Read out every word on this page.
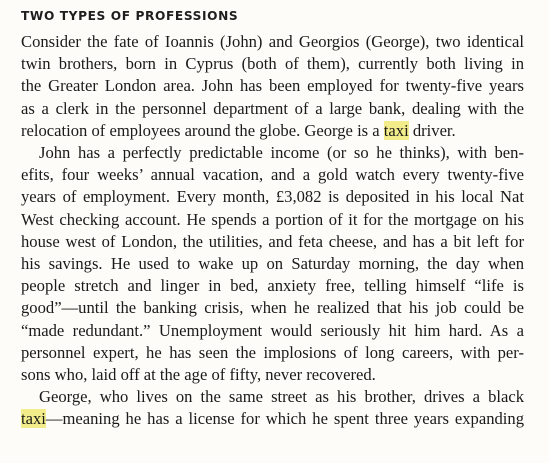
TWO TYPES OF PROFESSIONS
Consider the fate of Ioannis (John) and Georgios (George), two identical
twin brothers, born in Cyprus (both of them), currently both living in
the Greater London area. John has been employed for twenty-five years
as a clerk in the personnel department of a large bank, dealing with the
relocation of employees around the globe. George is a taxi driver.
John has a perfectly predictable income (or so he thinks), with ben-
efits, four weeks’ annual vacation, and a gold watch every twenty-five
years of employment. Every month, £3,082 is deposited in his local Nat
West checking account. He spends a portion of it for the mortgage on his
house west of London, the utilities, and feta cheese, and has a bit left for
his savings. He used to wake up on Saturday morning, the day when
people stretch and linger in bed, anxiety free, telling himself “life is
good”—until the banking crisis, when he realized that his job could be
“made redundant.” Unemployment would seriously hit him hard. As a
personnel expert, he has seen the implosions of long careers, with per-
sons who, laid off at the age of fifty, never recovered.
George, who lives on the same street as his brother, drives a black
taxi—meaning he has a license for which he spent three years expanding
